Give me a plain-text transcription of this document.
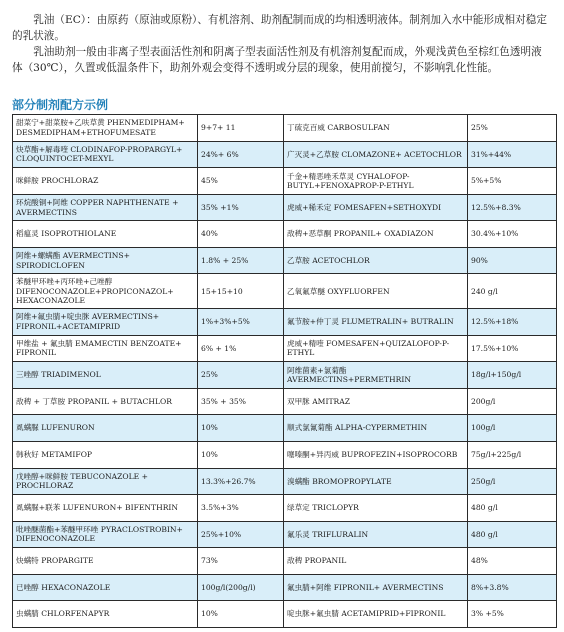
乳油（EC）：由原药（原油或原粉）、有机溶剂、助剂配制而成的均相透明液体。制剂加入水中能形成相对稳定的乳状液。

乳油助剂一般由非离子型表面活性剂和阴离子型表面活性剂及有机溶剂复配而成，外观浅黄色至棕红色透明液体（30℃），久置或低温条件下，助剂外观会变得不透明或分层的现象，使用前搅匀，不影响乳化性能。

部分制剂配方示例
甜菜宁+甜菜胺+乙呋草黄 PHENMEDIPHAM+ DESMEDIPHAM+ETHOFUMESATE	9+7+ 11	丁硫克百威 CARBOSULFAN	25%
炔草酯+解毒喹 CLODINAFOP-PROPARGYL+ CLOQUINTOCET-MEXYL	24%+ 6%	广灭灵+乙草胺 CLOMAZONE+ ACETOCHLOR	31%+44%
咪鲜胺 PROCHLORAZ	45%	千金+精恶唑禾草灵 CYHALOFOP-BUTYL+FENOXAPROP-P-ETHYL	5%+5%
环烷酸铜+阿维 COPPER NAPHTHENATE + AVERMECTINS	35% +1%	虎威+稀禾定 FOMESAFEN+SETHOXYDI	12.5%+8.3%
稻瘟灵 ISOPROTHIOLANE	40%	敌稗+恶草酮 PROPANIL+ OXADIAZON	30.4%+10%
阿维+螺螨酯 AVERMECTINS+ SPIRODICLOFEN	1.8% + 25%	乙草胺 ACETOCHLOR	90%
苯醚甲环唑+丙环唑+己唑醇 DIFENOCONAZOLE+PROPICONAZOL+ HEXACONAZOLE	15+15+10	乙氧氟草醚 OXYFLUORFEN	240 g/l
阿维+氟虫腈+啶虫脒 AVERMECTINS+ FIPRONIL+ACETAMIPRID	1%+3%+5%	氟节胺+仲丁灵 FLUMETRALIN+ BUTRALIN	12.5%+18%
甲维盐 + 氟虫腈 EMAMECTIN BENZOATE+ FIPRONIL	6% + 1%	虎威+精喹 FOMESAFEN+QUIZALOFOP-P-ETHYL	17.5%+10%
三唑醇 TRIADIMENOL	25%	阿维菌素+氯菊酯 AVERMECTINS+PERMETHRIN	18g/l+150g/l
敌稗 + 丁草胺 PROPANIL + BUTACHLOR	35% + 35%	双甲脒 AMITRAZ	200g/l
虱螨脲 LUFENURON	10%	顺式氯氰菊酯 ALPHA-CYPERMETHIN	100g/l
韩秋好 METAMIFOP	10%	噻嗪酮+异丙威 BUPROFEZIN+ISOPROCORB	75g/l+225g/l
戊唑醇+咪鲜胺 TEBUCONAZOLE + PROCHLORAZ	13.3%+26.7%	溴螨酯 BROMOPROPYLATE	250g/l
虱螨脲+联苯 LUFENURON+ BIFENTHRIN	3.5%+3%	绿草定 TRICLOPYR	480 g/l
吡唑醚菌酯+苯醚甲环唑 PYRACLOSTROBIN+ DIFENOCONAZOLE	25%+10%	氟乐灵 TRIFLURALIN	480 g/l
炔螨特 PROPARGITE	73%	敌稗 PROPANIL	48%
已唑醇 HEXACONAZOLE	100g/l(200g/l)	氟虫腈+阿维 FIPRONIL+ AVERMECTINS	8%+3.8%
虫螨腈 CHLORFENAPYR	10%	啶虫脒+氟虫腈 ACETAMIPRID+FIPRONIL	3% +5%
